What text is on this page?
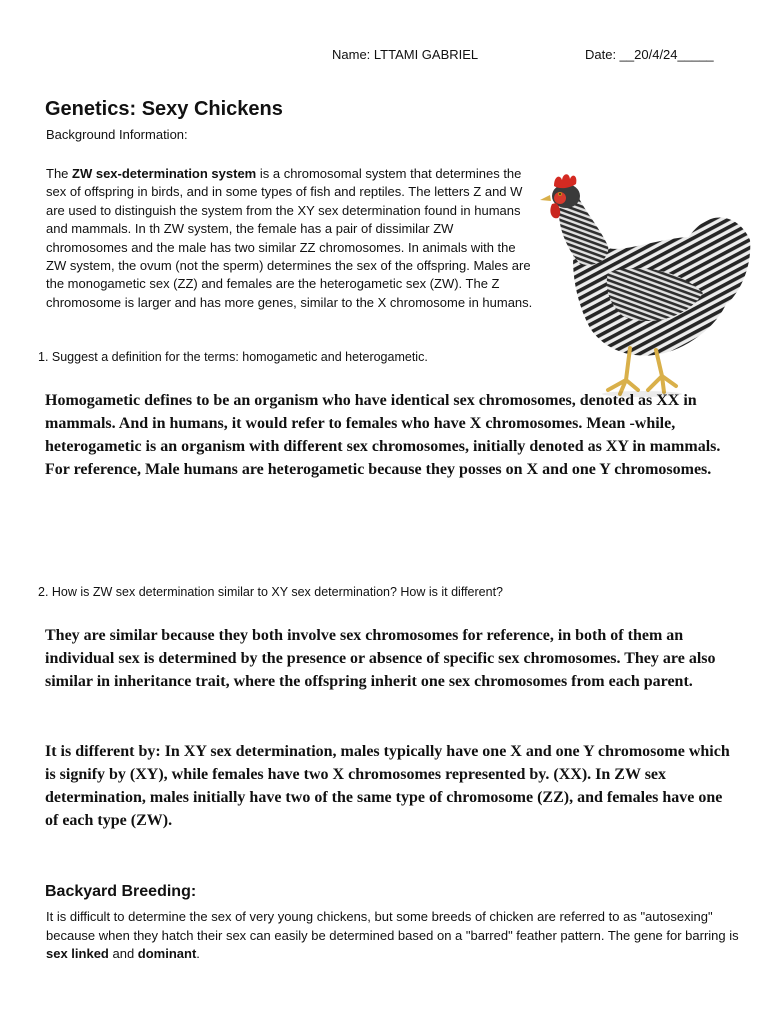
Name: LTTAMI GABRIEL	Date: __20/4/24_____
Genetics: Sexy Chickens
Background Information:

The ZW sex-determination system is a chromosomal system that determines the sex of offspring in birds, and in some types of fish and reptiles. The letters Z and W are used to distinguish the system from the XY sex determination found in humans and mammals. In th ZW system, the female has a pair of dissimilar ZW chromosomes and the male has two similar ZZ chromosomes. In animals with the ZW system, the ovum (not the sperm) determines the sex of the offspring. Males are the monogametic sex (ZZ) and females are the heterogametic sex (ZW). The Z chromosome is larger and has more genes, similar to the X chromosome in humans.

1. Suggest a definition for the terms: homogametic and heterogametic.

Homogametic defines to be an organism who have identical sex chromosomes, denoted as XX in mammals. And in humans, it would refer to females who have X chromosomes. Mean -while, heterogametic is an organism with different sex chromosomes, initially denoted as XY in mammals. For reference, Male humans are heterogametic because they posses on X and one Y chromosomes.

2. How is ZW sex determination similar to XY sex determination? How is it different?

They are similar because they both involve sex chromosomes for reference, in both of them an individual sex is determined by the presence or absence of specific sex chromosomes. They are also similar in inheritance trait, where the offspring inherit one sex chromosomes from each parent.

It is different by: In XY sex determination, males typically have one X and one Y chromosome which is signify by (XY), while females have two X chromosomes represented by. (XX). In ZW sex determination, males initially have two of the same type of chromosome (ZZ), and females have one of each type (ZW).

Backyard Breeding:

It is difficult to determine the sex of very young chickens, but some breeds of chicken are referred to as "autosexing" because when they hatch their sex can easily be determined based on a "barred" feather pattern. The gene for barring is sex linked and dominant.
